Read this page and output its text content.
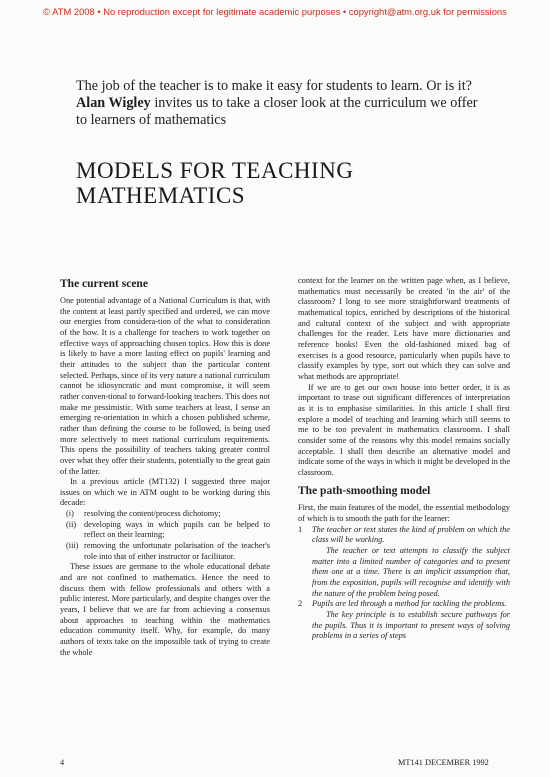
© ATM 2008 • No reproduction except for legitimate academic purposes • copyright@atm.org.uk for permissions
The job of the teacher is to make it easy for students to learn. Or is it?
Alan Wigley invites us to take a closer look at the curriculum we offer
to learners of mathematics
MODELS FOR TEACHING
MATHEMATICS
The current scene

One potential advantage of a National Curriculum is that, with the content at least partly specified and ordered, we can move our energies from considera-tion of the what to consideration of the how. It is a challenge for teachers to work together on effective ways of approaching chosen topics. How this is done is likely to have a more lasting effect on pupils' learning and their attitudes to the subject than the particular content selected. Perhaps, since of its very nature a national curriculum cannot be idiosyncratic and must compromise, it will seem rather conven-tional to forward-looking teachers. This does not make me pessimistic. With some teachers at least, I sense an emerging re-orientation in which a chosen published scheme, rather than defining the course to be followed, is being used more selectively to meet national curriculum requirements. This opens the possibility of teachers taking greater control over what they offer their students, potentially to the great gain of the latter.

In a previous article (MT132) I suggested three major issues on which we in ATM ought to be working during this decade:

(i) resolving the content/process dichotomy;
(ii) developing ways in which pupils can be helped to reflect on their learning;
(iii) removing the unfortunate polarisation of the teacher's role into that of either instructor or facilitator.

These issues are germane to the whole educational debate and are not confined to mathematics. Hence the need to discuss them with fellow professionals and others with a public interest. More particularly, and despite changes over the years, I believe that we are far from achieving a consensus about approaches to teaching within the mathematics education community itself. Why, for example, do many authors of texts take on the impossible task of trying to create the whole

context for the learner on the written page when, as I believe, mathematics must necessarily be created 'in the air' of the classroom? I long to see more straightforward treatments of mathematical topics, enriched by descriptions of the historical and cultural context of the subject and with appropriate challenges for the reader. Lets have more dictionaries and reference books! Even the old-fashioned mixed bag of exercises is a good resource, particularly when pupils have to classify examples by type, sort out which they can solve and what methods are appropriate!

If we are to get our own house into better order, it is as important to tease out significant differences of interpretation as it is to emphasise similarities. In this article I shall first explore a model of teaching and learning which still seems to me to be too prevalent in mathematics classrooms. I shall consider some of the reasons why this model remains socially acceptable. I shall then describe an alternative model and indicate some of the ways in which it might be developed in the classroom.

The path-smoothing model

First, the main features of the model, the essential methodology of which is to smooth the path for the learner:

1 The teacher or text states the kind of problem on which the class will be working.
The teacher or text attempts to classify the subject matter into a limited number of categories and to present them one at a time. There is an implicit assumption that, from the exposition, pupils will recognise and identify with the nature of the problem being posed.
2 Pupils are led through a method for tackling the problems.
The key principle is to establish secure pathways for the pupils. Thus it is important to present ways of solving problems in a series of steps
4	MT141 DECEMBER 1992
